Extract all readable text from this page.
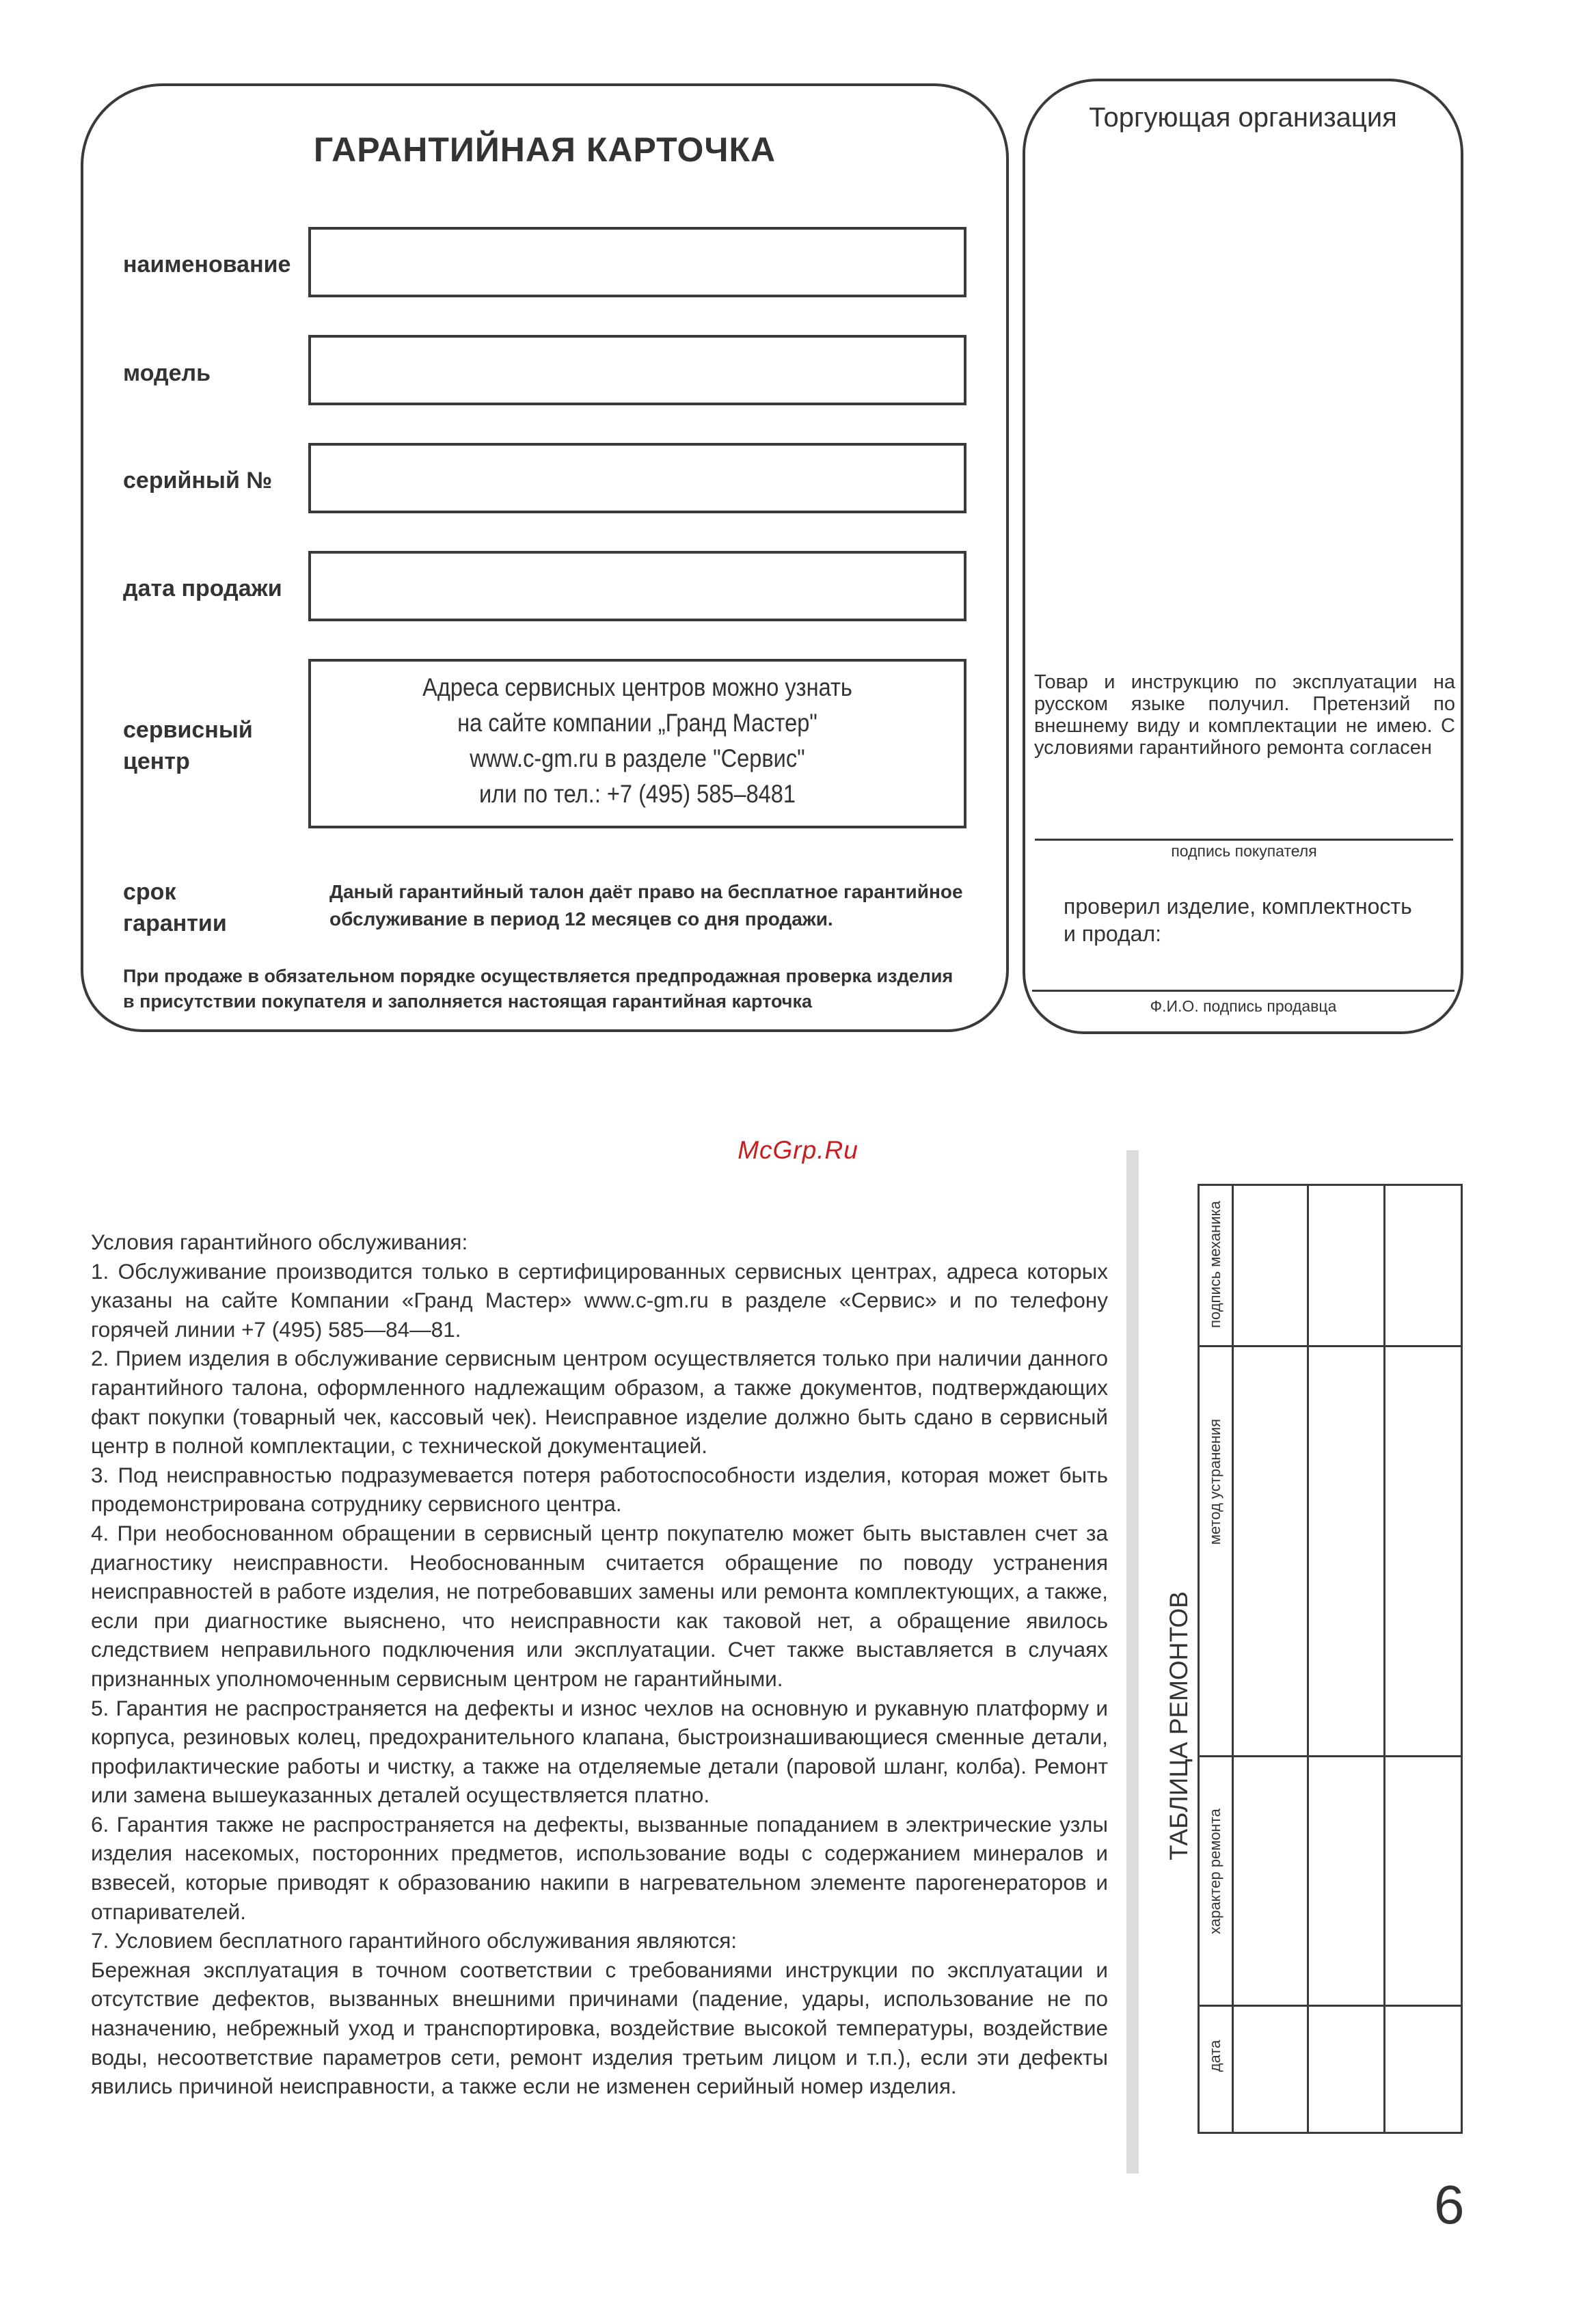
ГАРАНТИЙНАЯ КАРТОЧКА
наименование
модель
серийный №
дата продажи
сервисный
центр
Адреса сервисных центров можно узнать
на сайте компании „Гранд Мастер"
www.c-gm.ru в разделе "Сервис"
или по тел.: +7 (495) 585–8481
срок
гарантии
Даный гарантийный талон даёт право на бесплатное гарантийное
обслуживание в период 12 месяцев со дня продажи.
При продаже в обязательном порядке осуществляется предпродажная проверка изделия
в присутствии покупателя и заполняется настоящая гарантийная карточка
Торгующая организация
Товар и инструкцию по эксплуатации на русском языке получил. Претензий по внешнему виду и комплектации не имею. С условиями гарантийного ремонта согласен
подпись покупателя
проверил изделие, комплектность
и продал:
Ф.И.О. подпись продавца
McGrp.Ru

Условия гарантийного обслуживания:

1. Обслуживание производится только в сертифицированных сервисных центрах, адреса которых указаны на сайте Компании «Гранд Мастер» www.c-gm.ru в разделе «Сервис» и по телефону горячей линии +7 (495) 585—84—81.

2. Прием изделия в обслуживание сервисным центром осуществляется только при наличии данного гарантийного талона, оформленного надлежащим образом, а также документов, подтверждающих факт покупки (товарный чек, кассовый чек). Неисправное изделие должно быть сдано в сервисный центр в полной комплектации, с технической документацией.

3. Под неисправностью подразумевается потеря работоспособности изделия, которая может быть продемонстрирована сотруднику сервисного центра.

4. При необоснованном обращении в сервисный центр покупателю может быть выставлен счет за диагностику неисправности. Необоснованным считается обращение по поводу устранения неисправностей в работе изделия, не потребовавших замены или ремонта комплектующих, а также, если при диагностике выяснено, что неисправности как таковой нет, а обращение явилось следствием неправильного подключения или эксплуатации. Счет также выставляется в случаях признанных уполномоченным сервисным центром не гарантийными.

5. Гарантия не распространяется на дефекты и износ чехлов на основную и рукавную платформу и корпуса, резиновых колец, предохранительного клапана, быстроизнашивающиеся сменные детали, профилактические работы и чистку, а также на отделяемые детали (паровой шланг, колба). Ремонт или замена вышеуказанных деталей осуществляется платно.

6. Гарантия также не распространяется на дефекты, вызванные попаданием в электрические узлы изделия насекомых, посторонних предметов, использование воды с содержанием минералов и взвесей, которые приводят к образованию накипи в нагревательном элементе парогенераторов и отпаривателей.

7. Условием бесплатного гарантийного обслуживания являются:

Бережная эксплуатация в точном соответствии с требованиями инструкции по эксплуатации и отсутствие дефектов, вызванных внешними причинами (падение, удары, использование не по назначению, небрежный уход и транспортировка, воздействие высокой температуры, воздействие воды, несоответствие параметров сети, ремонт изделия третьим лицом и т.п.), если эти дефекты явились причиной неисправности, а также если не изменен серийный номер изделия.

ТАБЛИЦА РЕМОНТОВ
подпись механика
метод устранения
характер ремонта
дата
6
